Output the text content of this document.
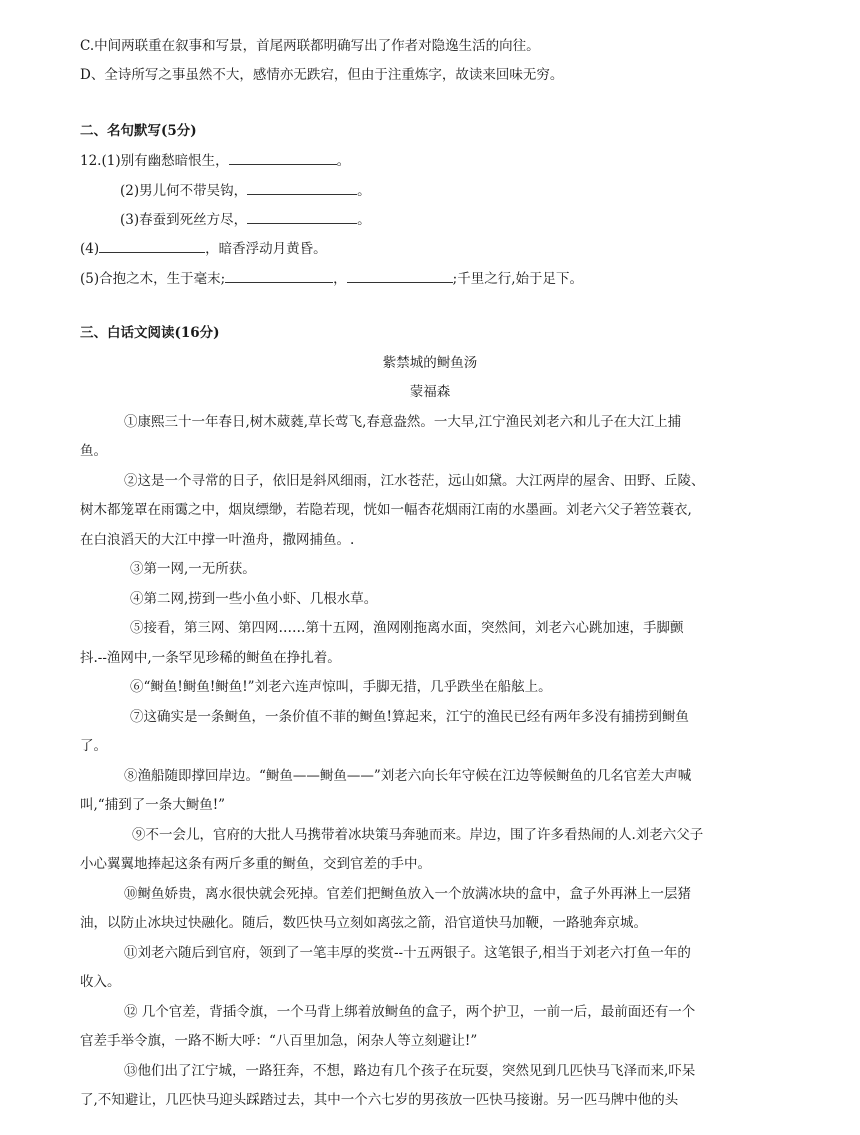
C.中间两联重在叙事和写景，首尾两联都明确写出了作者对隐逸生活的向往。
D、全诗所写之事虽然不大，感情亦无跌宕，但由于注重炼字，故读来回味无穷。
二、名句默写(5分)
12.(1)别有幽愁暗恨生，	。
(2)男儿何不带吴钩，	。
(3)春蚕到死丝方尽，	。
(4)	，暗香浮动月黄昏。
(5)合抱之木，生于毫末;	，	;千里之行,始于足下。
三、白话文阅读(16分)
紫禁城的鲥鱼汤
蒙福森
①康熙三十一年春日,树木葳蕤,草长莺飞,春意盎然。一大早,江宁渔民刘老六和儿子在大江上捕
鱼。
②这是一个寻常的日子，依旧是斜风细雨，江水苍茫，远山如黛。大江两岸的屋舍、田野、丘陵、
树木都笼罩在雨霭之中，烟岚缥缈，若隐若现，恍如一幅杏花烟雨江南的水墨画。刘老六父子箬笠蓑衣,
在白浪滔天的大江中撑一叶渔舟，撒网捕鱼。.
③第一网,一无所获。
④第二网,捞到一些小鱼小虾、几根水草。
⑤接看，第三网、第四网……第十五网，渔网刚拖离水面，突然间，刘老六心跳加速，手脚颤
抖.--渔网中,一条罕见珍稀的鲥鱼在挣扎着。
⑥“鲥鱼!鲥鱼!鲥鱼!”刘老六连声惊叫，手脚无措，几乎跌坐在船舷上。
⑦这确实是一条鲥鱼，一条价值不菲的鲥鱼!算起来，江宁的渔民已经有两年多没有捕捞到鲥鱼
了。
⑧渔船随即撑回岸边。“鲥鱼——鲥鱼——”刘老六向长年守候在江边等候鲥鱼的几名官差大声喊
叫,“捕到了一条大鲥鱼!”
⑨不一会儿，官府的大批人马携带着冰块策马奔驰而来。岸边，围了许多看热闹的人.刘老六父子
小心翼翼地捧起这条有两斤多重的鲥鱼，交到官差的手中。
⑩鲥鱼娇贵，离水很快就会死掉。官差们把鲥鱼放入一个放满冰块的盒中，盒子外再淋上一层猪
油，以防止冰块过快融化。随后，数匹快马立刻如离弦之箭，沿官道快马加鞭，一路驰奔京城。
⑪刘老六随后到官府，领到了一笔丰厚的奖赏--十五两银子。这笔银子,相当于刘老六打鱼一年的
收入。
⑫ 几个官差，背插令旗，一个马背上绑着放鲥鱼的盒子，两个护卫，一前一后，最前面还有一个
官差手举令旗，一路不断大呼：“八百里加急，闲杂人等立刻避让!”
⑬他们出了江宁城，一路狂奔，不想，路边有几个孩子在玩耍，突然见到几匹快马飞泽而来,吓呆
了,不知避让，几匹快马迎头踩踏过去，其中一个六七岁的男孩放一匹快马接谢。另一匹马牌中他的头
